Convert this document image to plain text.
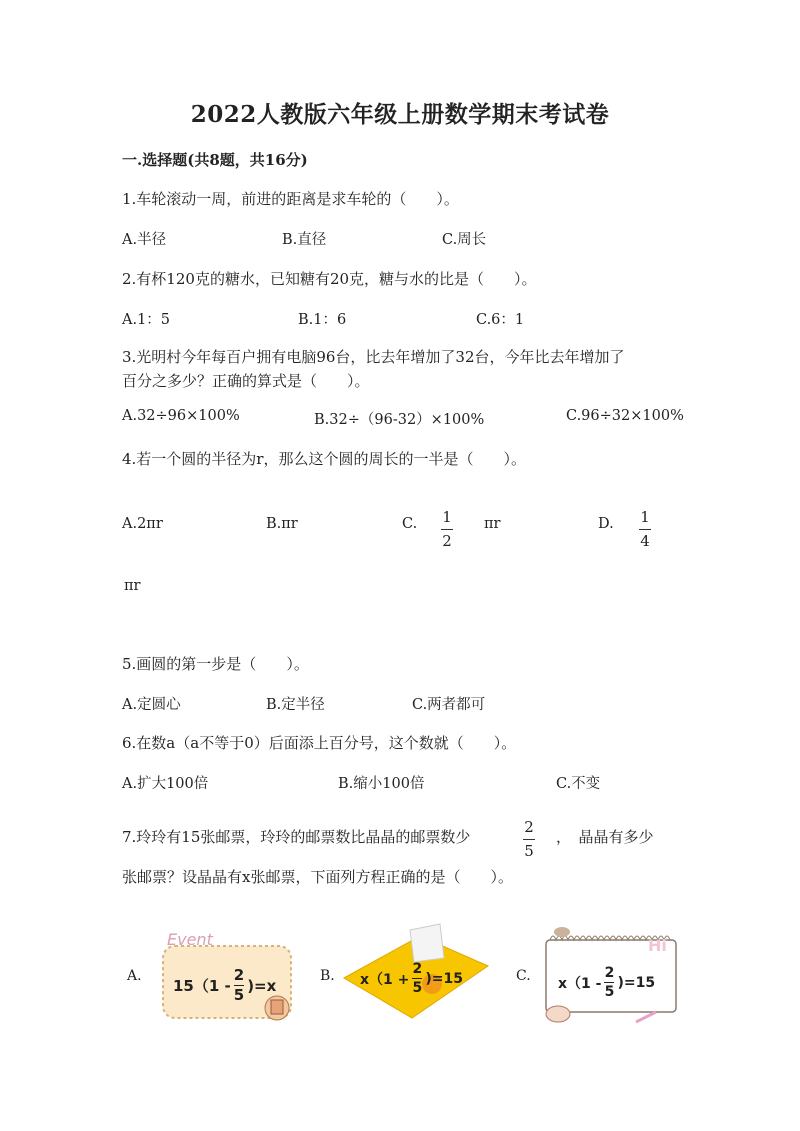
2022人教版六年级上册数学期末考试卷
一.选择题(共8题，共16分)
1.车轮滚动一周，前进的距离是求车轮的（　　）。
A.半径	B.直径	C.周长
2.有杯120克的糖水，已知糖有20克，糖与水的比是（　　）。
A.1：5	B.1：6	C.6：1
3.光明村今年每百户拥有电脑96台，比去年增加了32台，今年比去年增加了
百分之多少？正确的算式是（　　）。
A.32÷96×100%	B.32÷（96-32）×100%	C.96÷32×100%
4.若一个圆的半径为r，那么这个圆的周长的一半是（　　）。
A.2πr	B.πr	C. 1
2
πr	D. 1
4
πr
5.画圆的第一步是（　　）。
A.定圆心	B.定半径	C.两者都可
6.在数a（a不等于0）后面添上百分号，这个数就（　　）。
A.扩大100倍	B.缩小100倍	C.不变
7.玲玲有15张邮票，玲玲的邮票数比晶晶的邮票数少
2
5
，　晶晶有多少
张邮票？设晶晶有x张邮票，下面列方程正确的是（　　）。
A.
Event
15（1 -
2
5
)=x
B. x（1 +
2
5
)=15	C.
Hi
x（1 -
2
5
)=15
